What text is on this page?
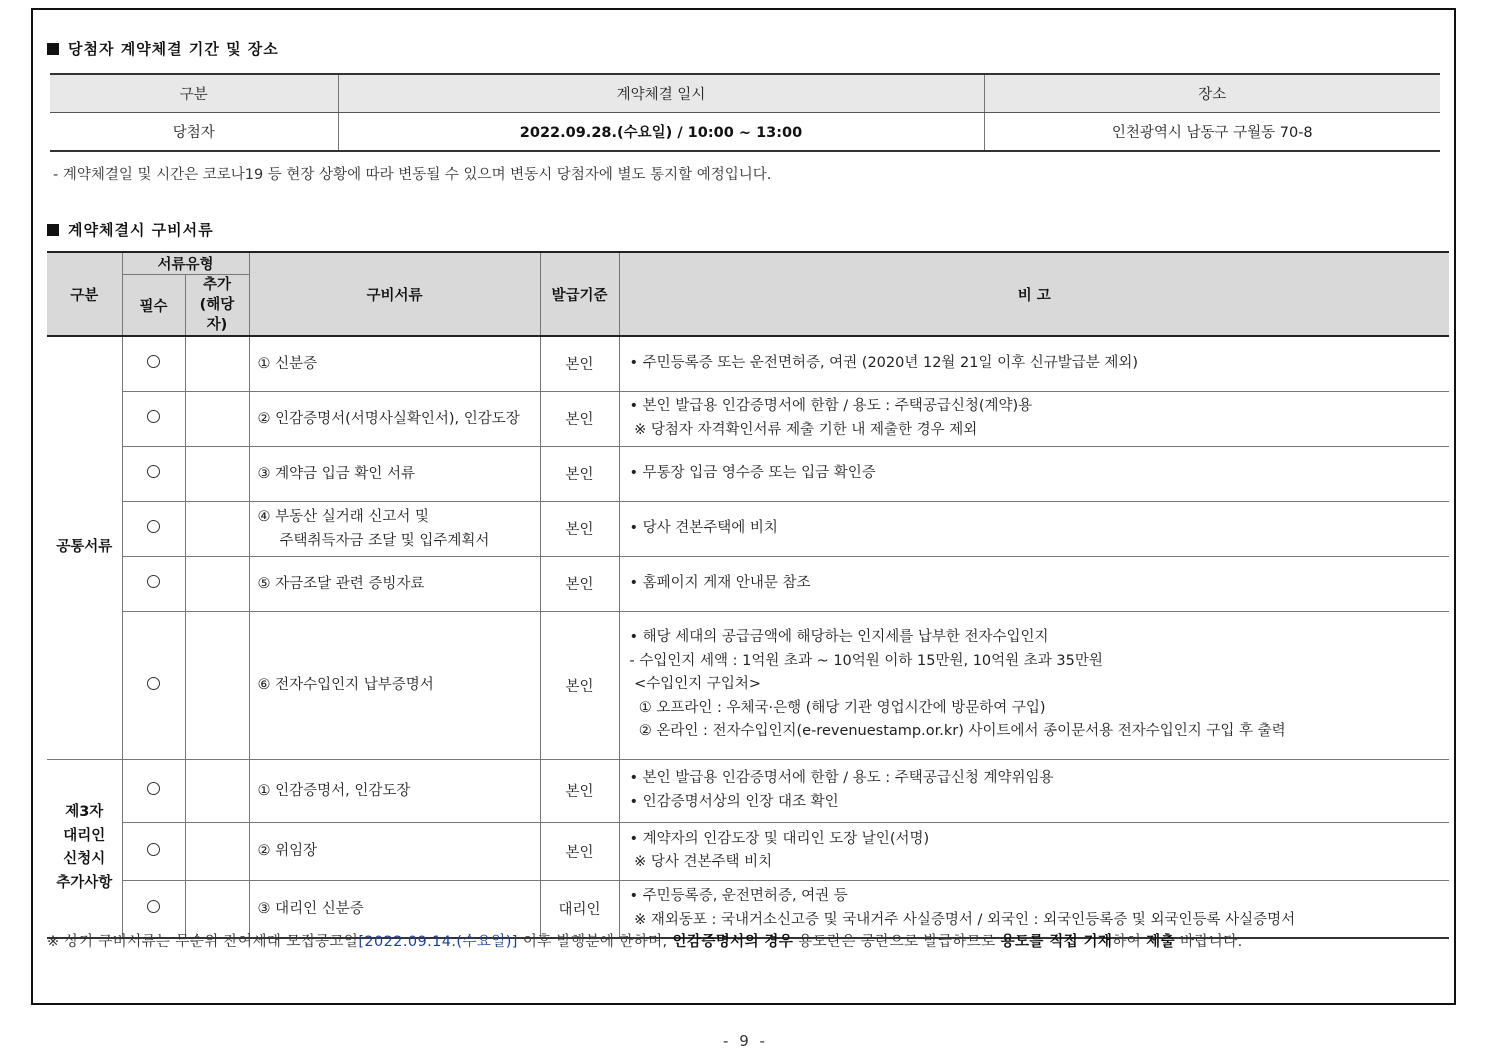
당첨자 계약체결 기간 및 장소
구분	계약체결 일시	장소
당첨자	2022.09.28.(수요일) / 10:00 ~ 13:00	인천광역시 남동구 구월동 70-8
- 계약체결일 및 시간은 코로나19 등 현장 상황에 따라 변동될 수 있으며 변동시 당첨자에 별도 통지할 예정입니다.
계약체결시 구비서류
구분	서류유형		구비서류	발급기준	비 고
	필수	추가
(해당자)			
공통서류			① 신분증	본인	• 주민등록증 또는 운전면허증, 여권 (2020년 12월 21일 이후 신규발급분 제외)
			② 인감증명서(서명사실확인서), 인감도장	본인	• 본인 발급용 인감증명서에 한함 / 용도 : 주택공급신청(계약)용
※ 당첨자 자격확인서류 제출 기한 내 제출한 경우 제외
			③ 계약금 입금 확인 서류	본인	• 무통장 입금 영수증 또는 입금 확인증
			④ 부동산 실거래 신고서 및
주택취득자금 조달 및 입주계획서	본인	• 당사 견본주택에 비치
			⑤ 자금조달 관련 증빙자료	본인	• 홈페이지 게재 안내문 참조
			⑥ 전자수입인지 납부증명서	본인	• 해당 세대의 공급금액에 해당하는 인지세를 납부한 전자수입인지
- 수입인지 세액 : 1억원 초과 ~ 10억원 이하 15만원, 10억원 초과 35만원
<수입인지 구입처>
① 오프라인 : 우체국·은행 (해당 기관 영업시간에 방문하여 구입)
② 온라인 : 전자수입인지(e-revenuestamp.or.kr) 사이트에서 종이문서용 전자수입인지 구입 후 출력
제3자
대리인
신청시
추가사항			① 인감증명서, 인감도장	본인	• 본인 발급용 인감증명서에 한함 / 용도 : 주택공급신청 계약위임용
• 인감증명서상의 인장 대조 확인
			② 위임장	본인	• 계약자의 인감도장 및 대리인 도장 날인(서명)
※ 당사 견본주택 비치
			③ 대리인 신분증	대리인	• 주민등록증, 운전면허증, 여권 등
※ 재외동포 : 국내거소신고증 및 국내거주 사실증명서 / 외국인 : 외국인등록증 및 외국인등록 사실증명서
※ 상기 구비서류는 무순위 잔여세대 모집공고일[2022.09.14.(수요일)] 이후 발행분에 한하며, 인감증명서의 경우 용도란은 공란으로 발급하므로 용도를 직접 기재하여 제출 바랍니다.
- 9 -
